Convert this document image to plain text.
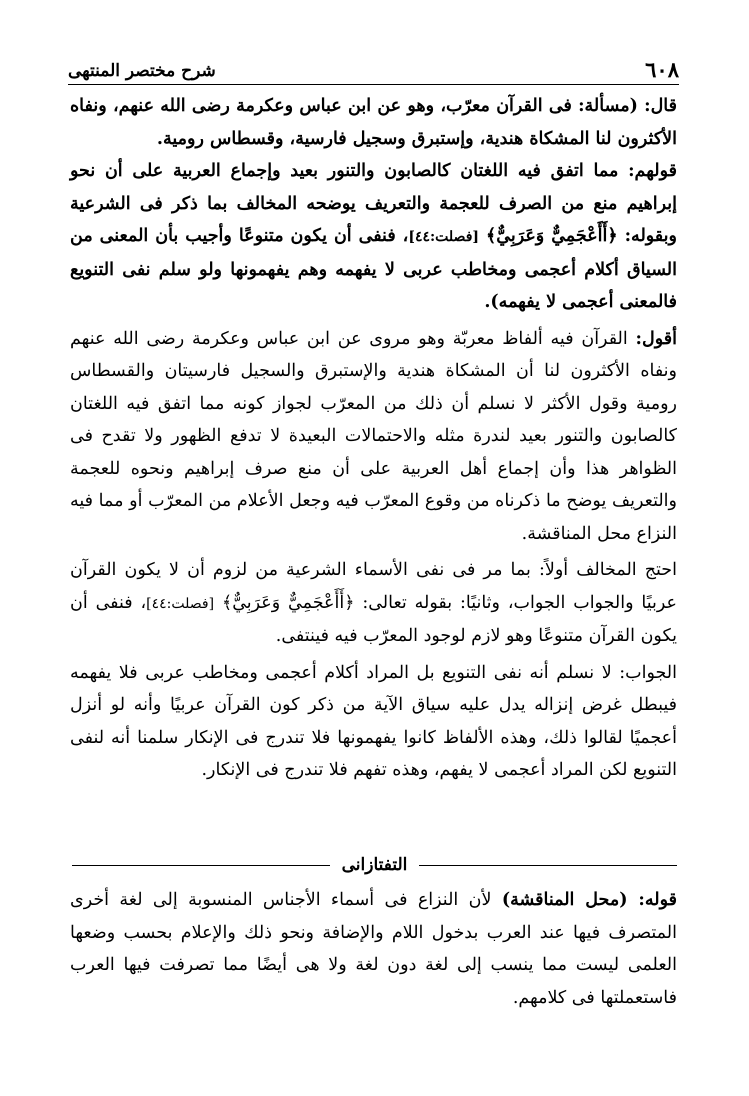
٦٠٨
شرح مختصر المنتهى

قال: (مسألة: فى القرآن معرّب، وهو عن ابن عباس وعكرمة رضى الله عنهم، ونفاه الأكثرون لنا المشكاة هندية، وإستبرق وسجيل فارسية، وقسطاس رومية.

قولهم: مما اتفق فيه اللغتان كالصابون والتنور بعيد وإجماع العربية على أن نحو إبراهيم منع من الصرف للعجمة والتعريف يوضحه المخالف بما ذكر فى الشرعية وبقوله: ﴿أَأَعْجَمِيٌّ وَعَرَبِيٌّ﴾ [فصلت:٤٤]، فنفى أن يكون متنوعًا وأجيب بأن المعنى من السياق أكلام أعجمى ومخاطب عربى لا يفهمه وهم يفهمونها ولو سلم نفى التنويع فالمعنى أعجمى لا يفهمه).

أقول: القرآن فيه ألفاظ معربّة وهو مروى عن ابن عباس وعكرمة رضى الله عنهم ونفاه الأكثرون لنا أن المشكاة هندية والإستبرق والسجيل فارسيتان والقسطاس رومية وقول الأكثر لا نسلم أن ذلك من المعرّب لجواز كونه مما اتفق فيه اللغتان كالصابون والتنور بعيد لندرة مثله والاحتمالات البعيدة لا تدفع الظهور ولا تقدح فى الظواهر هذا وأن إجماع أهل العربية على أن منع صرف إبراهيم ونحوه للعجمة والتعريف يوضح ما ذكرناه من وقوع المعرّب فيه وجعل الأعلام من المعرّب أو مما فيه النزاع محل المناقشة.

احتج المخالف أولاً: بما مر فى نفى الأسماء الشرعية من لزوم أن لا يكون القرآن عربيًا والجواب الجواب، وثانيًا: بقوله تعالى: ﴿أَأَعْجَمِيٌّ وَعَرَبِيٌّ﴾ [فصلت:٤٤]، فنفى أن يكون القرآن متنوعًا وهو لازم لوجود المعرّب فيه فينتفى.

الجواب: لا نسلم أنه نفى التنويع بل المراد أكلام أعجمى ومخاطب عربى فلا يفهمه فيبطل غرض إنزاله يدل عليه سياق الآية من ذكر كون القرآن عربيًا وأنه لو أنزل أعجميًا لقالوا ذلك، وهذه الألفاظ كانوا يفهمونها فلا تندرج فى الإنكار سلمنا أنه لنفى التنويع لكن المراد أعجمى لا يفهم، وهذه تفهم فلا تندرج فى الإنكار.

التفتازانى

قوله: (محل المناقشة) لأن النزاع فى أسماء الأجناس المنسوبة إلى لغة أخرى المتصرف فيها عند العرب بدخول اللام والإضافة ونحو ذلك والإعلام بحسب وضعها العلمى ليست مما ينسب إلى لغة دون لغة ولا هى أيضًا مما تصرفت فيها العرب فاستعملتها فى كلامهم.
